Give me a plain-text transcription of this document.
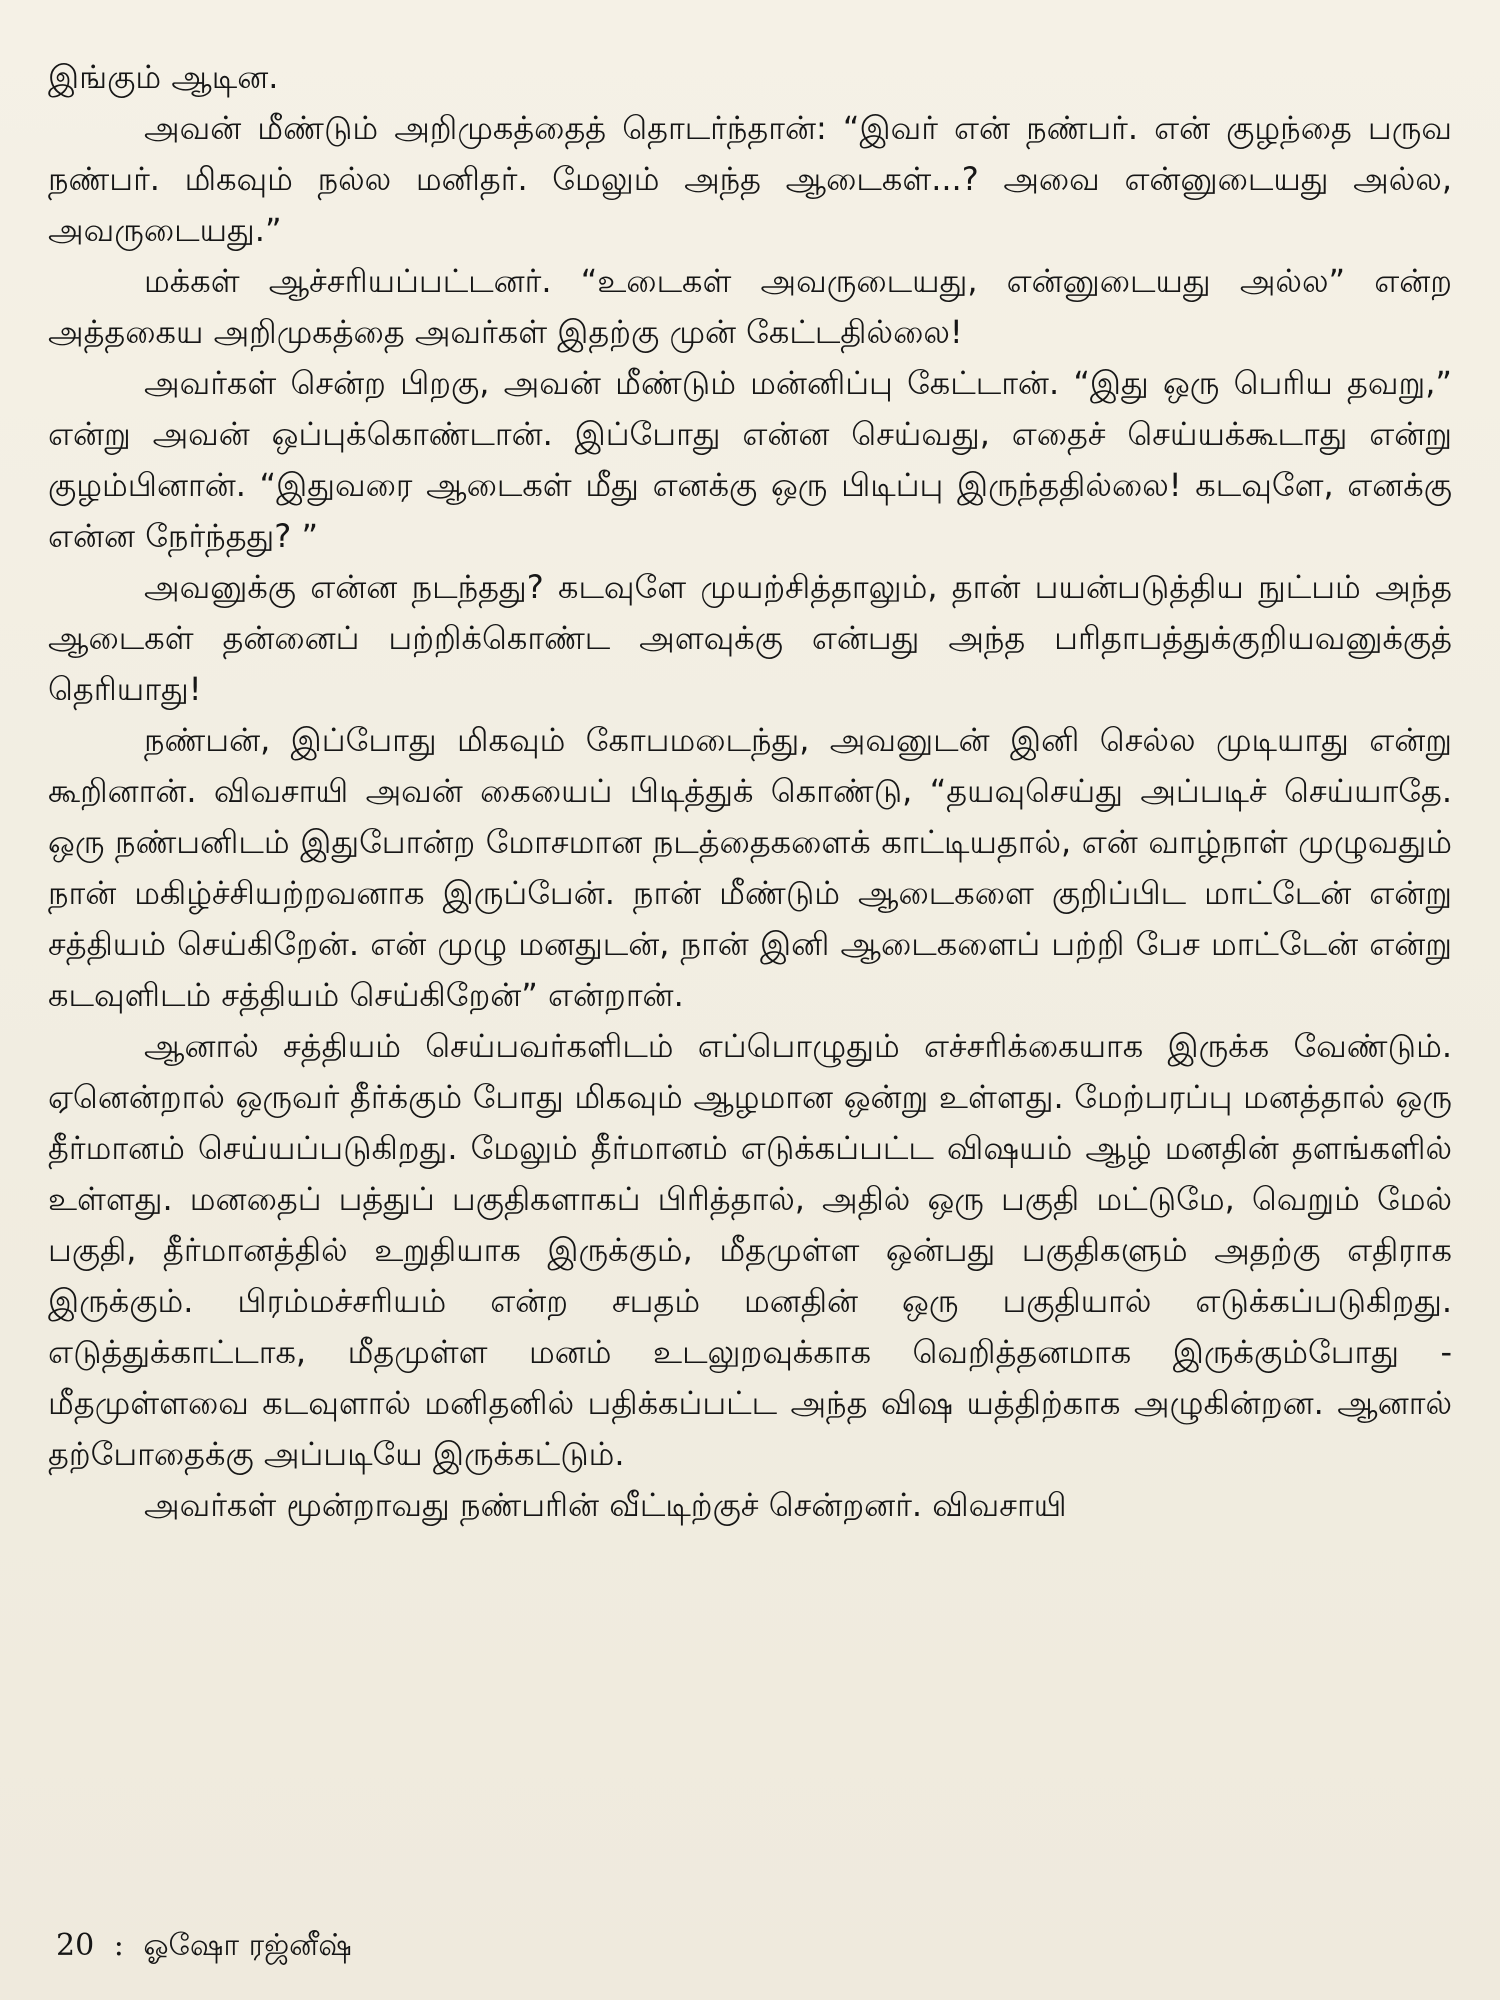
இங்கும் ஆடின.

அவன் மீண்டும் அறிமுகத்தைத் தொடர்ந்தான்: “இவர் என் நண்பர். என் குழந்தை பருவ நண்பர். மிகவும் நல்ல மனிதர். மேலும் அந்த ஆடைகள்...? அவை என்னுடையது அல்ல, அவருடையது.”

மக்கள் ஆச்சரியப்பட்டனர். “உடைகள் அவருடையது, என்னுடையது அல்ல” என்ற அத்தகைய அறிமுகத்தை அவர்கள் இதற்கு முன் கேட்டதில்லை!

அவர்கள் சென்ற பிறகு, அவன் மீண்டும் மன்னிப்பு கேட்டான். “இது ஒரு பெரிய தவறு,” என்று அவன் ஒப்புக்கொண்டான். இப்போது என்ன செய்வது, எதைச் செய்யக்கூடாது என்று குழம்பினான். “இதுவரை ஆடைகள் மீது எனக்கு ஒரு பிடிப்பு இருந்ததில்லை! கடவுளே, எனக்கு என்ன நேர்ந்தது? ”

அவனுக்கு என்ன நடந்தது? கடவுளே முயற்சித்தாலும், தான் பயன்படுத்திய நுட்பம் அந்த ஆடைகள் தன்னைப் பற்றிக்கொண்ட அளவுக்கு என்பது அந்த பரிதாபத்துக்குறியவனுக்குத் தெரியாது!

நண்பன், இப்போது மிகவும் கோபமடைந்து, அவனுடன் இனி செல்ல முடியாது என்று கூறினான். விவசாயி அவன் கையைப் பிடித்துக் கொண்டு, “தயவுசெய்து அப்படிச் செய்யாதே. ஒரு நண்பனிடம் இதுபோன்ற மோசமான நடத்தைகளைக் காட்டியதால், என் வாழ்நாள் முழுவதும் நான் மகிழ்ச்சியற்றவனாக இருப்பேன். நான் மீண்டும் ஆடைகளை குறிப்பிட மாட்டேன் என்று சத்தியம் செய்கிறேன். என் முழு மனதுடன், நான் இனி ஆடைகளைப் பற்றி பேச மாட்டேன் என்று கடவுளிடம் சத்தியம் செய்கிறேன்” என்றான்.

ஆனால் சத்தியம் செய்பவர்களிடம் எப்பொழுதும் எச்சரிக்கையாக இருக்க வேண்டும். ஏனென்றால் ஒருவர் தீர்க்கும் போது மிகவும் ஆழமான ஒன்று உள்ளது. மேற்பரப்பு மனத்தால் ஒரு தீர்மானம் செய்யப்படுகிறது. மேலும் தீர்மானம் எடுக்கப்பட்ட விஷயம் ஆழ் மனதின் தளங்களில் உள்ளது. மனதைப் பத்துப் பகுதிகளாகப் பிரித்தால், அதில் ஒரு பகுதி மட்டுமே, வெறும் மேல் பகுதி, தீர்மானத்தில் உறுதியாக இருக்கும், மீதமுள்ள ஒன்பது பகுதிகளும் அதற்கு எதிராக இருக்கும். பிரம்மச்சரியம் என்ற சபதம் மனதின் ஒரு பகுதியால் எடுக்கப்படுகிறது. எடுத்துக்காட்டாக, மீதமுள்ள மனம் உடலுறவுக்காக வெறித்தனமாக இருக்கும்போது - மீதமுள்ளவை கடவுளால் மனிதனில் பதிக்கப்பட்ட அந்த விஷ யத்திற்காக அழுகின்றன. ஆனால் தற்போதைக்கு அப்படியே இருக்கட்டும்.

அவர்கள் மூன்றாவது நண்பரின் வீட்டிற்குச் சென்றனர். விவசாயி

20 : ஓஷோ ரஜ்னீஷ்
